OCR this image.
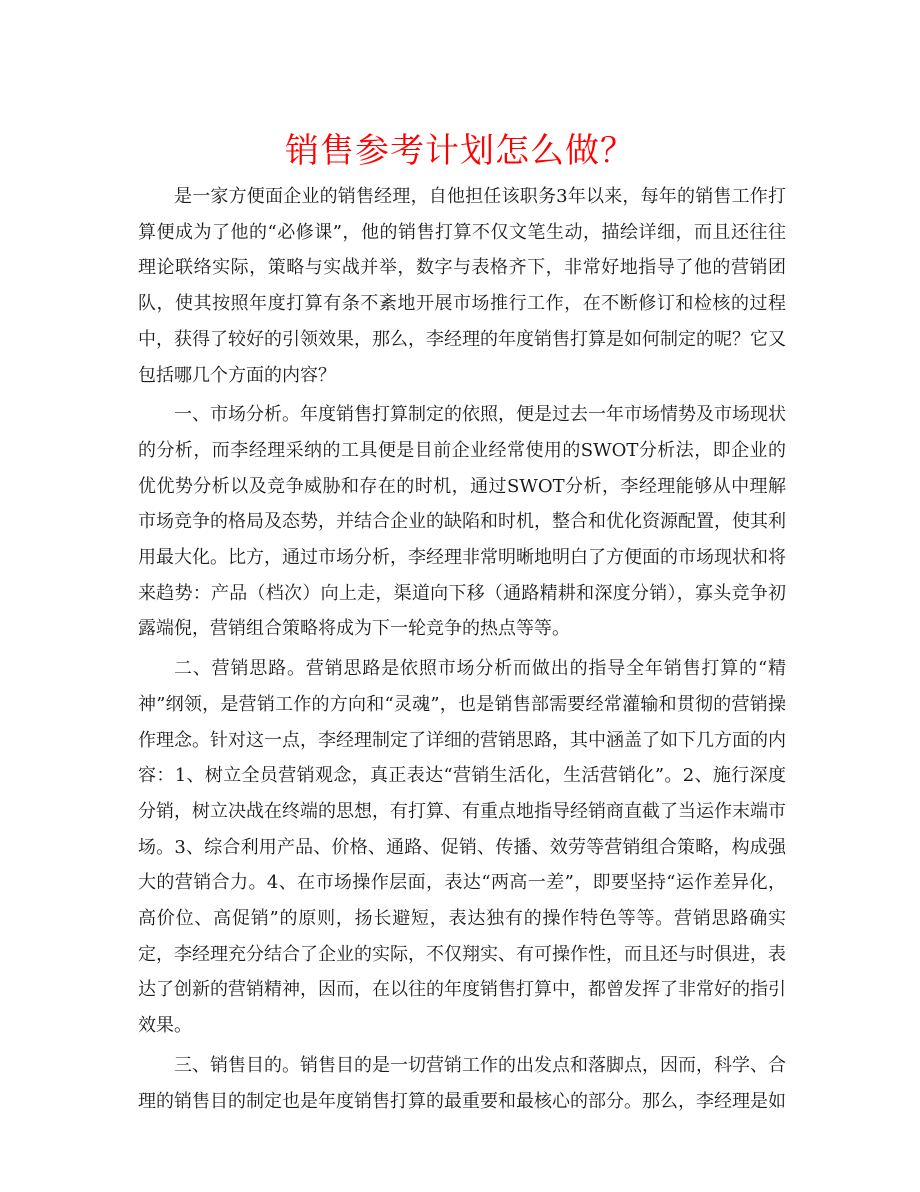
销售参考计划怎么做？

是一家方便面企业的销售经理，自他担任该职务3年以来，每年的销售工作打算便成为了他的“必修课”，他的销售打算不仅文笔生动，描绘详细，而且还往往理论联络实际，策略与实战并举，数字与表格齐下，非常好地指导了他的营销团队，使其按照年度打算有条不紊地开展市场推行工作，在不断修订和检核的过程中，获得了较好的引领效果，那么，李经理的年度销售打算是如何制定的呢？它又包括哪几个方面的内容？

一、市场分析。年度销售打算制定的依照，便是过去一年市场情势及市场现状的分析，而李经理采纳的工具便是目前企业经常使用的SWOT分析法，即企业的优优势分析以及竞争威胁和存在的时机，通过SWOT分析，李经理能够从中理解市场竞争的格局及态势，并结合企业的缺陷和时机，整合和优化资源配置，使其利用最大化。比方，通过市场分析，李经理非常明晰地明白了方便面的市场现状和将来趋势：产品（档次）向上走，渠道向下移（通路精耕和深度分销），寡头竞争初露端倪，营销组合策略将成为下一轮竞争的热点等等。

二、营销思路。营销思路是依照市场分析而做出的指导全年销售打算的“精神”纲领，是营销工作的方向和“灵魂”，也是销售部需要经常灌输和贯彻的营销操作理念。针对这一点，李经理制定了详细的营销思路，其中涵盖了如下几方面的内容：1、树立全员营销观念，真正表达“营销生活化，生活营销化”。2、施行深度分销，树立决战在终端的思想，有打算、有重点地指导经销商直截了当运作末端市场。3、综合利用产品、价格、通路、促销、传播、效劳等营销组合策略，构成强大的营销合力。4、在市场操作层面，表达“两高一差”，即要坚持“运作差异化，高价位、高促销”的原则，扬长避短，表达独有的操作特色等等。营销思路确实定，李经理充分结合了企业的实际，不仅翔实、有可操作性，而且还与时俱进，表达了创新的营销精神，因而，在以往的年度销售打算中，都曾发挥了非常好的指引效果。

三、销售目的。销售目的是一切营销工作的出发点和落脚点，因而，科学、合理的销售目的制定也是年度销售打算的最重要和最核心的部分。那么，李经理是如
